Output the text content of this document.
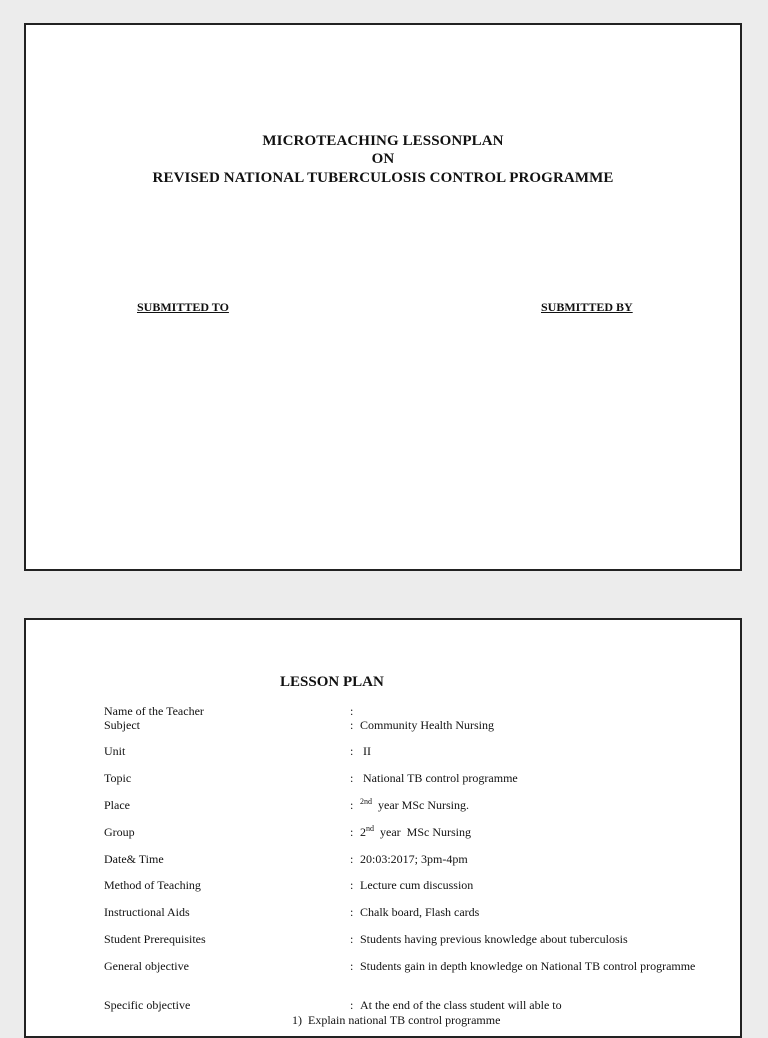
MICROTEACHING LESSONPLAN
ON
REVISED NATIONAL TUBERCULOSIS CONTROL PROGRAMME
SUBMITTED TO	SUBMITTED BY
LESSON PLAN
Name of the Teacher	:
Subject	: Community Health Nursing
Unit	: II
Topic	: National TB control programme
Place	: $^{2nd}$  year MSc Nursing.
Group	: 2nd  year  MSc Nursing
Date& Time	: 20:03:2017; 3pm-4pm
Method of Teaching	: Lecture cum discussion
Instructional Aids	: Chalk board, Flash cards
Student Prerequisites	: Students having previous knowledge about tuberculosis
General objective	: Students gain in depth knowledge on National TB control programme
Specific objective	: At the end of the class student will able to
1)  Explain national TB control programme
